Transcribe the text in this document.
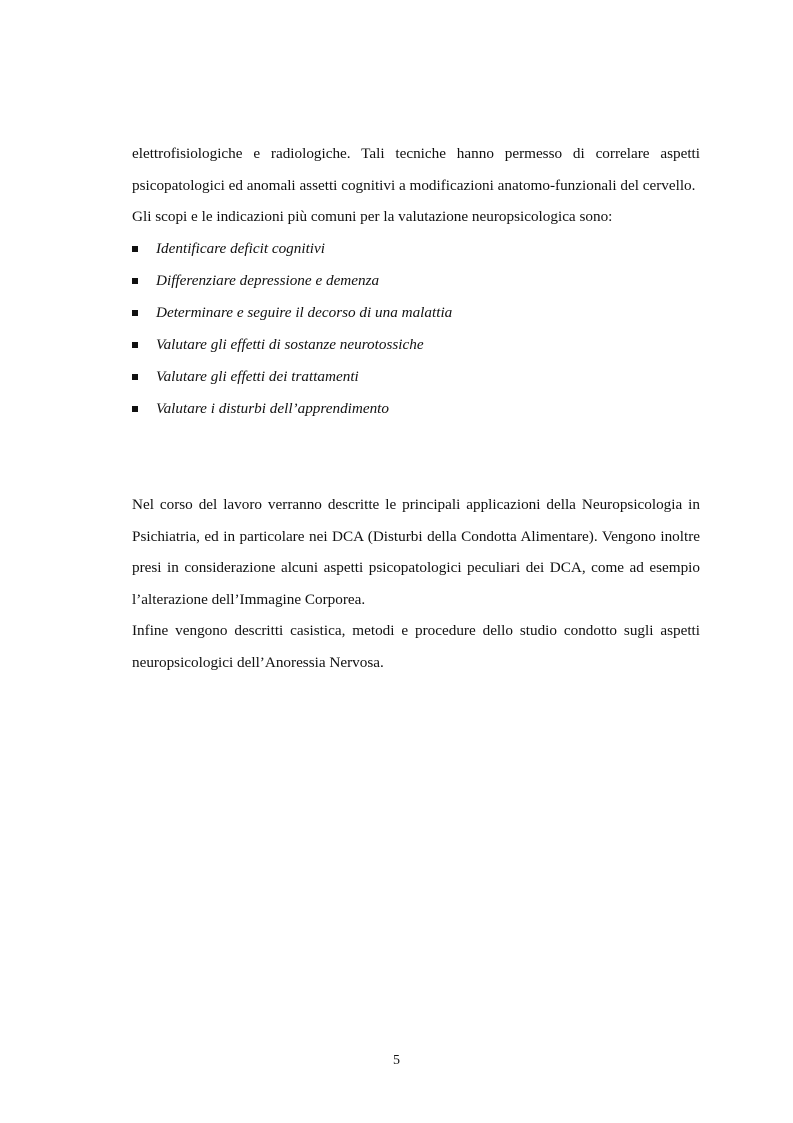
elettrofisiologiche e radiologiche. Tali tecniche hanno permesso di correlare aspetti psicopatologici ed anomali assetti cognitivi a modificazioni anatomo-funzionali del cervello.

Gli scopi e le indicazioni più comuni per la valutazione neuropsicologica sono:

Identificare deficit cognitivi
Differenziare depressione e demenza
Determinare e seguire il decorso di una malattia
Valutare gli effetti di sostanze neurotossiche
Valutare gli effetti dei trattamenti
Valutare i disturbi dell’apprendimento

Nel corso del lavoro verranno descritte le principali applicazioni della Neuropsicologia in Psichiatria, ed in particolare nei DCA (Disturbi della Condotta Alimentare). Vengono inoltre presi in considerazione alcuni aspetti psicopatologici peculiari dei DCA, come ad esempio l’alterazione dell’Immagine Corporea.

Infine vengono descritti casistica, metodi e procedure dello studio condotto sugli aspetti neuropsicologici dell’Anoressia Nervosa.

5
